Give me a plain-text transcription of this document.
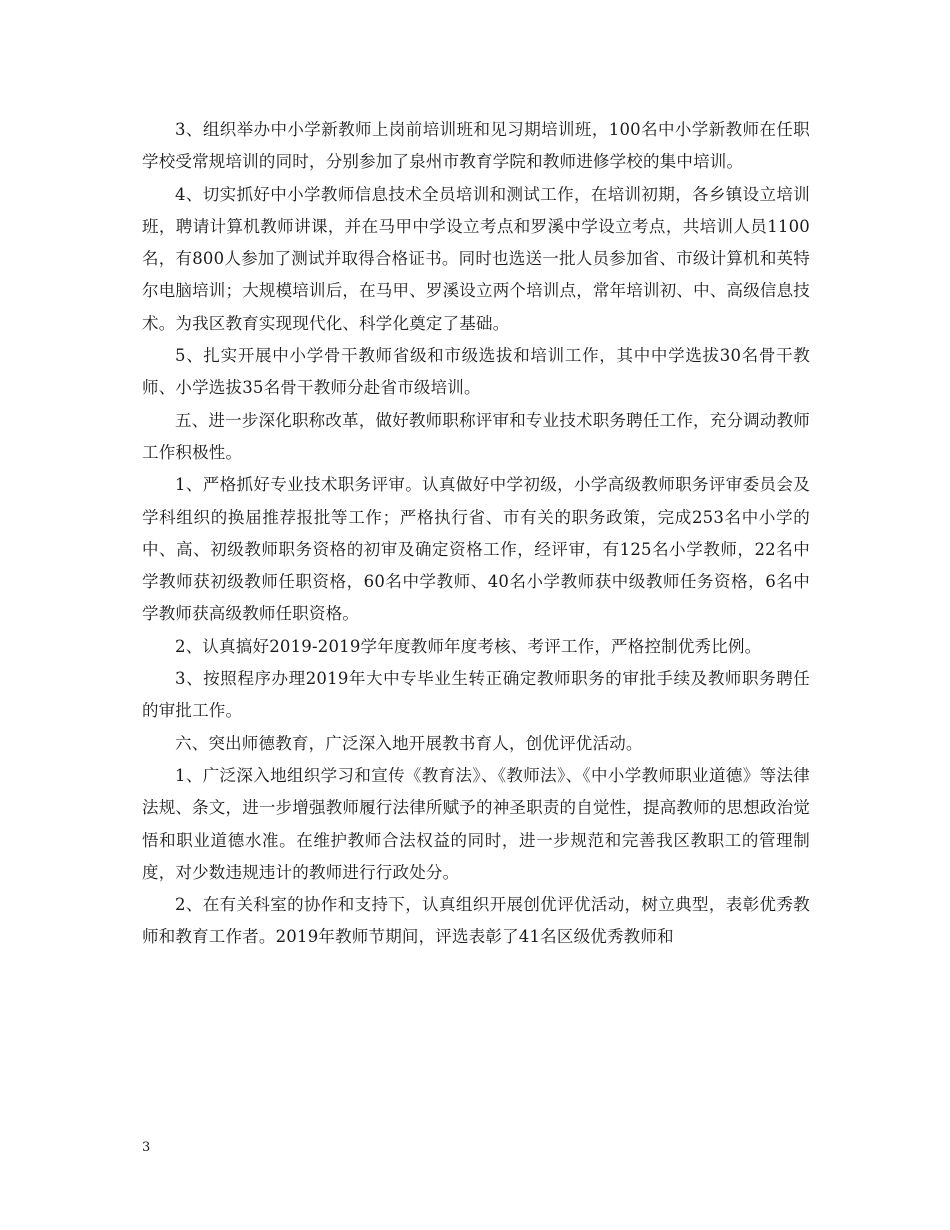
3、组织举办中小学新教师上岗前培训班和见习期培训班，100名中小学新教师在任职学校受常规培训的同时，分别参加了泉州市教育学院和教师进修学校的集中培训。

4、切实抓好中小学教师信息技术全员培训和测试工作，在培训初期，各乡镇设立培训班，聘请计算机教师讲课，并在马甲中学设立考点和罗溪中学设立考点，共培训人员1100名，有800人参加了测试并取得合格证书。同时也选送一批人员参加省、市级计算机和英特尔电脑培训；大规模培训后，在马甲、罗溪设立两个培训点，常年培训初、中、高级信息技术。为我区教育实现现代化、科学化奠定了基础。

5、扎实开展中小学骨干教师省级和市级选拔和培训工作，其中中学选拔30名骨干教师、小学选拔35名骨干教师分赴省市级培训。

五、进一步深化职称改革，做好教师职称评审和专业技术职务聘任工作，充分调动教师工作积极性。

1、严格抓好专业技术职务评审。认真做好中学初级，小学高级教师职务评审委员会及学科组织的换届推荐报批等工作；严格执行省、市有关的职务政策，完成253名中小学的中、高、初级教师职务资格的初审及确定资格工作，经评审，有125名小学教师，22名中学教师获初级教师任职资格，60名中学教师、40名小学教师获中级教师任务资格，6名中学教师获高级教师任职资格。

2、认真搞好2019-2019学年度教师年度考核、考评工作，严格控制优秀比例。

3、按照程序办理2019年大中专毕业生转正确定教师职务的审批手续及教师职务聘任的审批工作。

六、突出师德教育，广泛深入地开展教书育人，创优评优活动。

1、广泛深入地组织学习和宣传《教育法》、《教师法》、《中小学教师职业道德》等法律法规、条文，进一步增强教师履行法律所赋予的神圣职责的自觉性，提高教师的思想政治觉悟和职业道德水准。在维护教师合法权益的同时，进一步规范和完善我区教职工的管理制度，对少数违规违计的教师进行行政处分。

2、在有关科室的协作和支持下，认真组织开展创优评优活动，树立典型，表彰优秀教师和教育工作者。2019年教师节期间，评选表彰了41名区级优秀教师和

3
